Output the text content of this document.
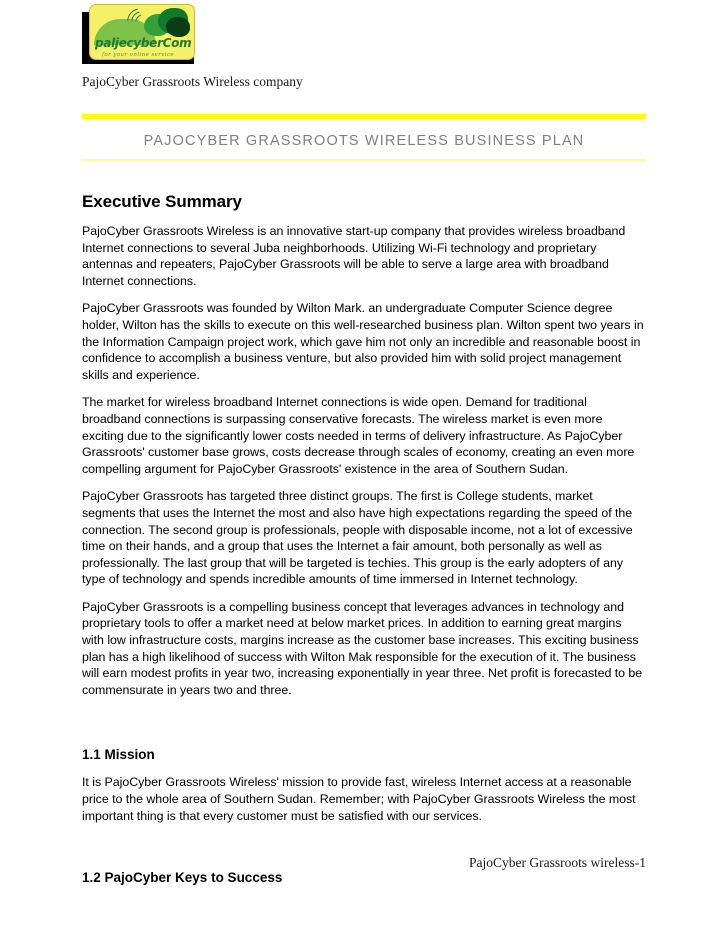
paljecyberCom
for your online service
PajoCyber Grassroots Wireless company
PAJOCYBER GRASSROOTS WIRELESS BUSINESS PLAN
Executive Summary

PajoCyber Grassroots Wireless is an innovative start-up company that provides wireless broadband Internet connections to several Juba neighborhoods. Utilizing Wi-Fi technology and proprietary antennas and repeaters, PajoCyber Grassroots will be able to serve a large area with broadband Internet connections.

PajoCyber Grassroots was founded by Wilton Mark. an undergraduate Computer Science degree holder, Wilton has the skills to execute on this well-researched business plan. Wilton spent two years in the Information Campaign project work, which gave him not only an incredible and reasonable boost in confidence to accomplish a business venture, but also provided him with solid project management skills and experience.

The market for wireless broadband Internet connections is wide open. Demand for traditional broadband connections is surpassing conservative forecasts. The wireless market is even more exciting due to the significantly lower costs needed in terms of delivery infrastructure. As PajoCyber Grassroots' customer base grows, costs decrease through scales of economy, creating an even more compelling argument for PajoCyber Grassroots' existence in the area of Southern Sudan.

PajoCyber Grassroots has targeted three distinct groups. The first is College students, market segments that uses the Internet the most and also have high expectations regarding the speed of the connection. The second group is professionals, people with disposable income, not a lot of excessive time on their hands, and a group that uses the Internet a fair amount, both personally as well as professionally. The last group that will be targeted is techies. This group is the early adopters of any type of technology and spends incredible amounts of time immersed in Internet technology.

PajoCyber Grassroots is a compelling business concept that leverages advances in technology and proprietary tools to offer a market need at below market prices. In addition to earning great margins with low infrastructure costs, margins increase as the customer base increases. This exciting business plan has a high likelihood of success with Wilton Mak responsible for the execution of it. The business will earn modest profits in year two, increasing exponentially in year three. Net profit is forecasted to be commensurate in years two and three.

1.1 Mission

It is PajoCyber Grassroots Wireless' mission to provide fast, wireless Internet access at a reasonable price to the whole area of Southern Sudan. Remember; with PajoCyber Grassroots Wireless the most important thing is that every customer must be satisfied with our services.

1.2 PajoCyber Keys to Success
PajoCyber Grassroots wireless-1
